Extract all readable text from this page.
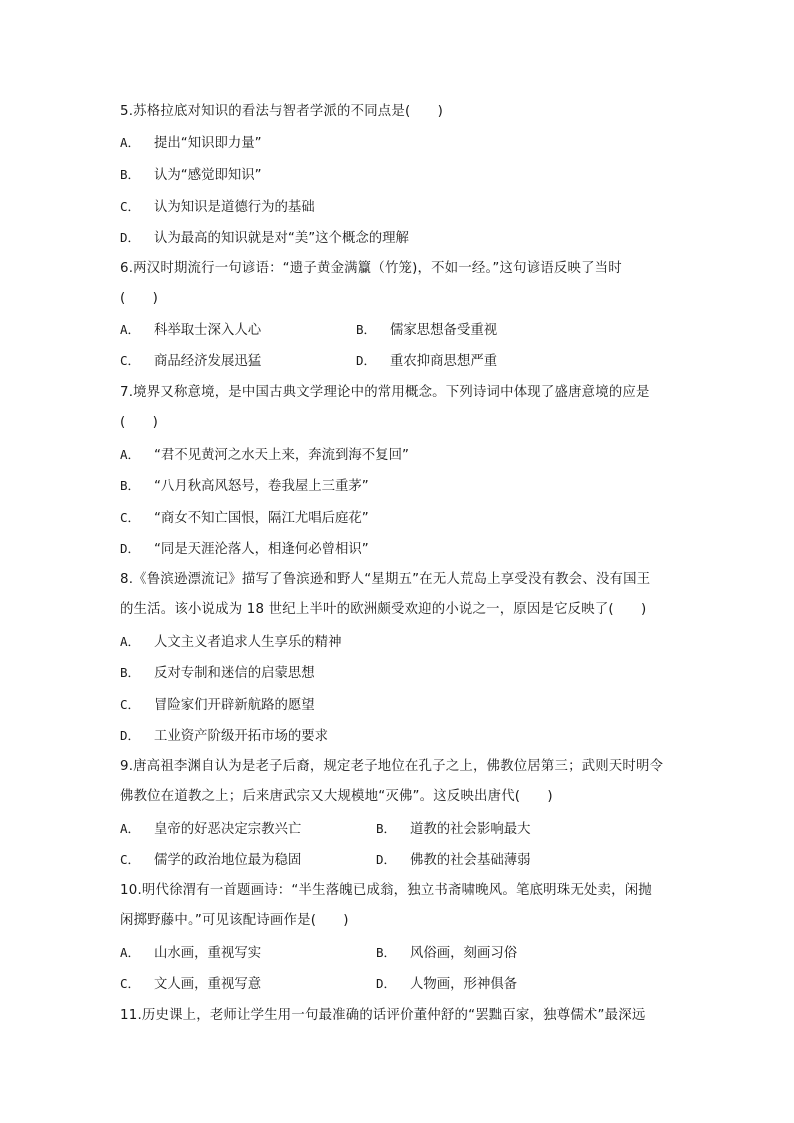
5.苏格拉底对知识的看法与智者学派的不同点是(　　)
A． 提出“知识即力量”
B． 认为“感觉即知识”
C． 认为知识是道德行为的基础
D． 认为最高的知识就是对“美”这个概念的理解
6.两汉时期流行一句谚语：“遗子黄金满籯（竹笼)，不如一经。”这句谚语反映了当时
(　　)
A． 科举取士深入人心	B． 儒家思想备受重视
C． 商品经济发展迅猛	D． 重农抑商思想严重
7.境界又称意境，是中国古典文学理论中的常用概念。下列诗词中体现了盛唐意境的应是
(　　)
A． “君不见黄河之水天上来，奔流到海不复回”
B． “八月秋高风怒号，卷我屋上三重茅”
C． “商女不知亡国恨，隔江尤唱后庭花”
D． “同是天涯沦落人，相逢何必曾相识”
8.《鲁滨逊漂流记》描写了鲁滨逊和野人“星期五”在无人荒岛上享受没有教会、没有国王
的生活。该小说成为 18 世纪上半叶的欧洲颇受欢迎的小说之一，原因是它反映了(　　)
A． 人文主义者追求人生享乐的精神
B． 反对专制和迷信的启蒙思想
C． 冒险家们开辟新航路的愿望
D． 工业资产阶级开拓市场的要求
9.唐高祖李渊自认为是老子后裔，规定老子地位在孔子之上，佛教位居第三；武则天时明令
佛教位在道教之上；后来唐武宗又大规模地“灭佛”。这反映出唐代(　　)
A． 皇帝的好恶决定宗教兴亡	B． 道教的社会影响最大
C． 儒学的政治地位最为稳固	D． 佛教的社会基础薄弱
10.明代徐渭有一首题画诗：“半生落魄已成翁，独立书斋啸晚风。笔底明珠无处卖，闲抛
闲掷野藤中。”可见该配诗画作是(　　)
A． 山水画，重视写实	B． 风俗画，刻画习俗
C． 文人画，重视写意	D． 人物画，形神俱备
11.历史课上，老师让学生用一句最准确的话评价董仲舒的“罢黜百家，独尊儒术”最深远
